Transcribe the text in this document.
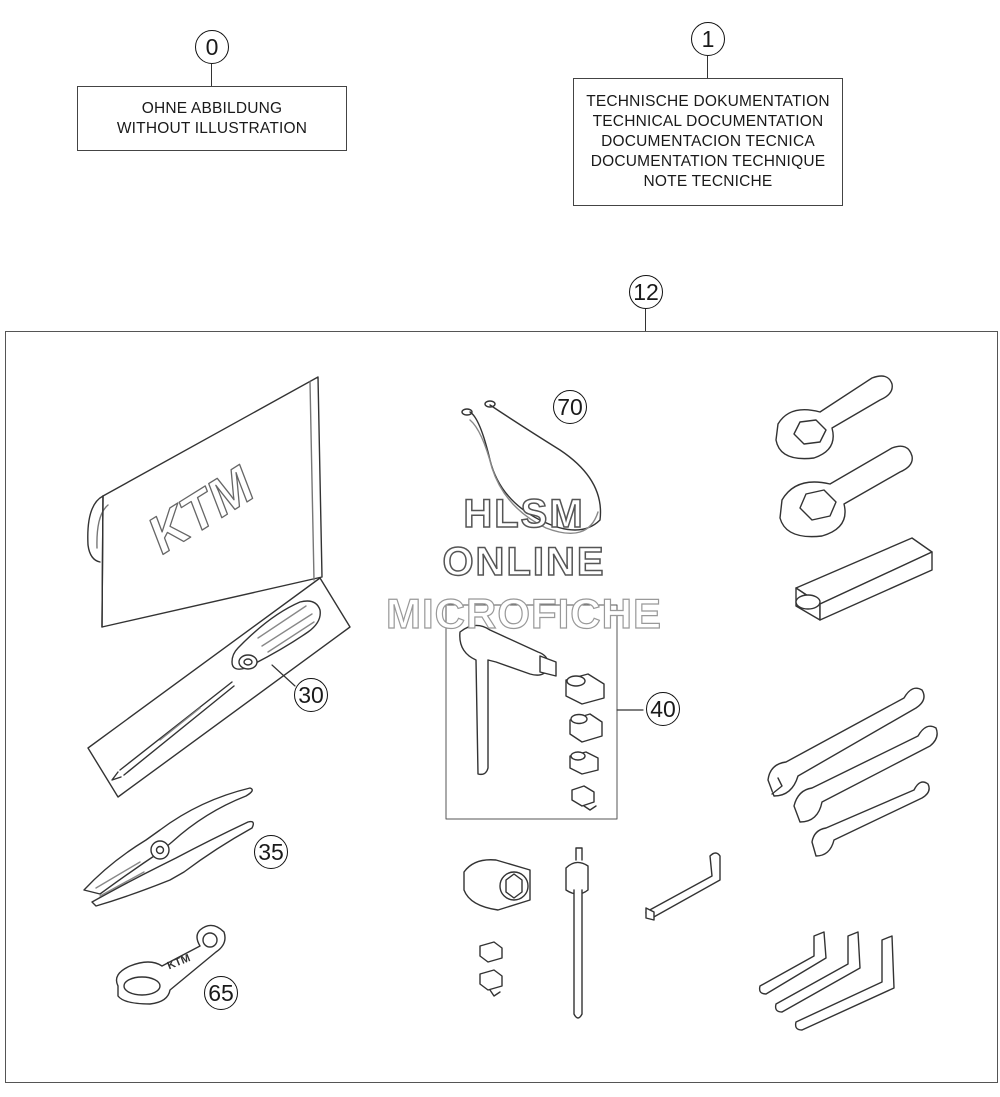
0
OHNE ABBILDUNG
WITHOUT ILLUSTRATION
1
TECHNISCHE DOKUMENTATION
TECHNICAL DOCUMENTATION
DOCUMENTACION TECNICA
DOCUMENTATION TECHNIQUE
NOTE TECNICHE
12
KTM
KTM
70
30
40
35
65
HLSM
ONLINE
MICROFICHE
